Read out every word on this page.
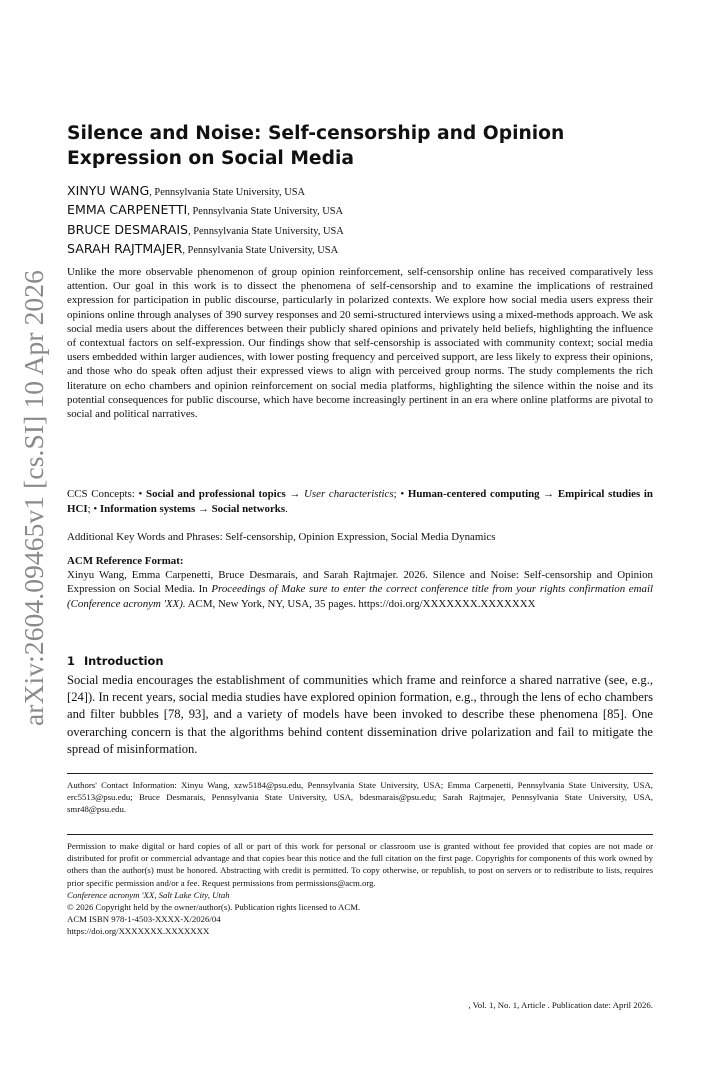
arXiv:2604.09465v1 [cs.SI] 10 Apr 2026
Silence and Noise: Self-censorship and Opinion Expression on Social Media
XINYU WANG, Pennsylvania State University, USA
EMMA CARPENETTI, Pennsylvania State University, USA
BRUCE DESMARAIS, Pennsylvania State University, USA
SARAH RAJTMAJER, Pennsylvania State University, USA

Unlike the more observable phenomenon of group opinion reinforcement, self-censorship online has received comparatively less attention. Our goal in this work is to dissect the phenomena of self-censorship and to examine the implications of restrained expression for participation in public discourse, particularly in polarized contexts. We explore how social media users express their opinions online through analyses of 390 survey responses and 20 semi-structured interviews using a mixed-methods approach. We ask social media users about the differences between their publicly shared opinions and privately held beliefs, highlighting the influence of contextual factors on self-expression. Our findings show that self-censorship is associated with community context; social media users embedded within larger audiences, with lower posting frequency and perceived support, are less likely to express their opinions, and those who do speak often adjust their expressed views to align with perceived group norms. The study complements the rich literature on echo chambers and opinion reinforcement on social media platforms, highlighting the silence within the noise and its potential consequences for public discourse, which have become increasingly pertinent in an era where online platforms are pivotal to social and political narratives.

CCS Concepts: • Social and professional topics → User characteristics; • Human-centered computing → Empirical studies in HCI; • Information systems → Social networks.

Additional Key Words and Phrases: Self-censorship, Opinion Expression, Social Media Dynamics

ACM Reference Format:

Xinyu Wang, Emma Carpenetti, Bruce Desmarais, and Sarah Rajtmajer. 2026. Silence and Noise: Self-censorship and Opinion Expression on Social Media. In Proceedings of Make sure to enter the correct conference title from your rights confirmation email (Conference acronym 'XX). ACM, New York, NY, USA, 35 pages. https://doi.org/XXXXXXX.XXXXXXX

1 Introduction

Social media encourages the establishment of communities which frame and reinforce a shared narrative (see, e.g., [24]). In recent years, social media studies have explored opinion formation, e.g., through the lens of echo chambers and filter bubbles [78, 93], and a variety of models have been invoked to describe these phenomena [85]. One overarching concern is that the algorithms behind content dissemination drive polarization and fail to mitigate the spread of misinformation.

Authors' Contact Information: Xinyu Wang, xzw5184@psu.edu, Pennsylvania State University, USA; Emma Carpenetti, Pennsylvania State University, USA, erc5513@psu.edu; Bruce Desmarais, Pennsylvania State University, USA, bdesmarais@psu.edu; Sarah Rajtmajer, Pennsylvania State University, USA, smr48@psu.edu.

Permission to make digital or hard copies of all or part of this work for personal or classroom use is granted without fee provided that copies are not made or distributed for profit or commercial advantage and that copies bear this notice and the full citation on the first page. Copyrights for components of this work owned by others than the author(s) must be honored. Abstracting with credit is permitted. To copy otherwise, or republish, to post on servers or to redistribute to lists, requires prior specific permission and/or a fee. Request permissions from permissions@acm.org.

Conference acronym 'XX, Salt Lake City, Utah
© 2026 Copyright held by the owner/author(s). Publication rights licensed to ACM.
ACM ISBN 978-1-4503-XXXX-X/2026/04
https://doi.org/XXXXXXX.XXXXXXX
, Vol. 1, No. 1, Article . Publication date: April 2026.
